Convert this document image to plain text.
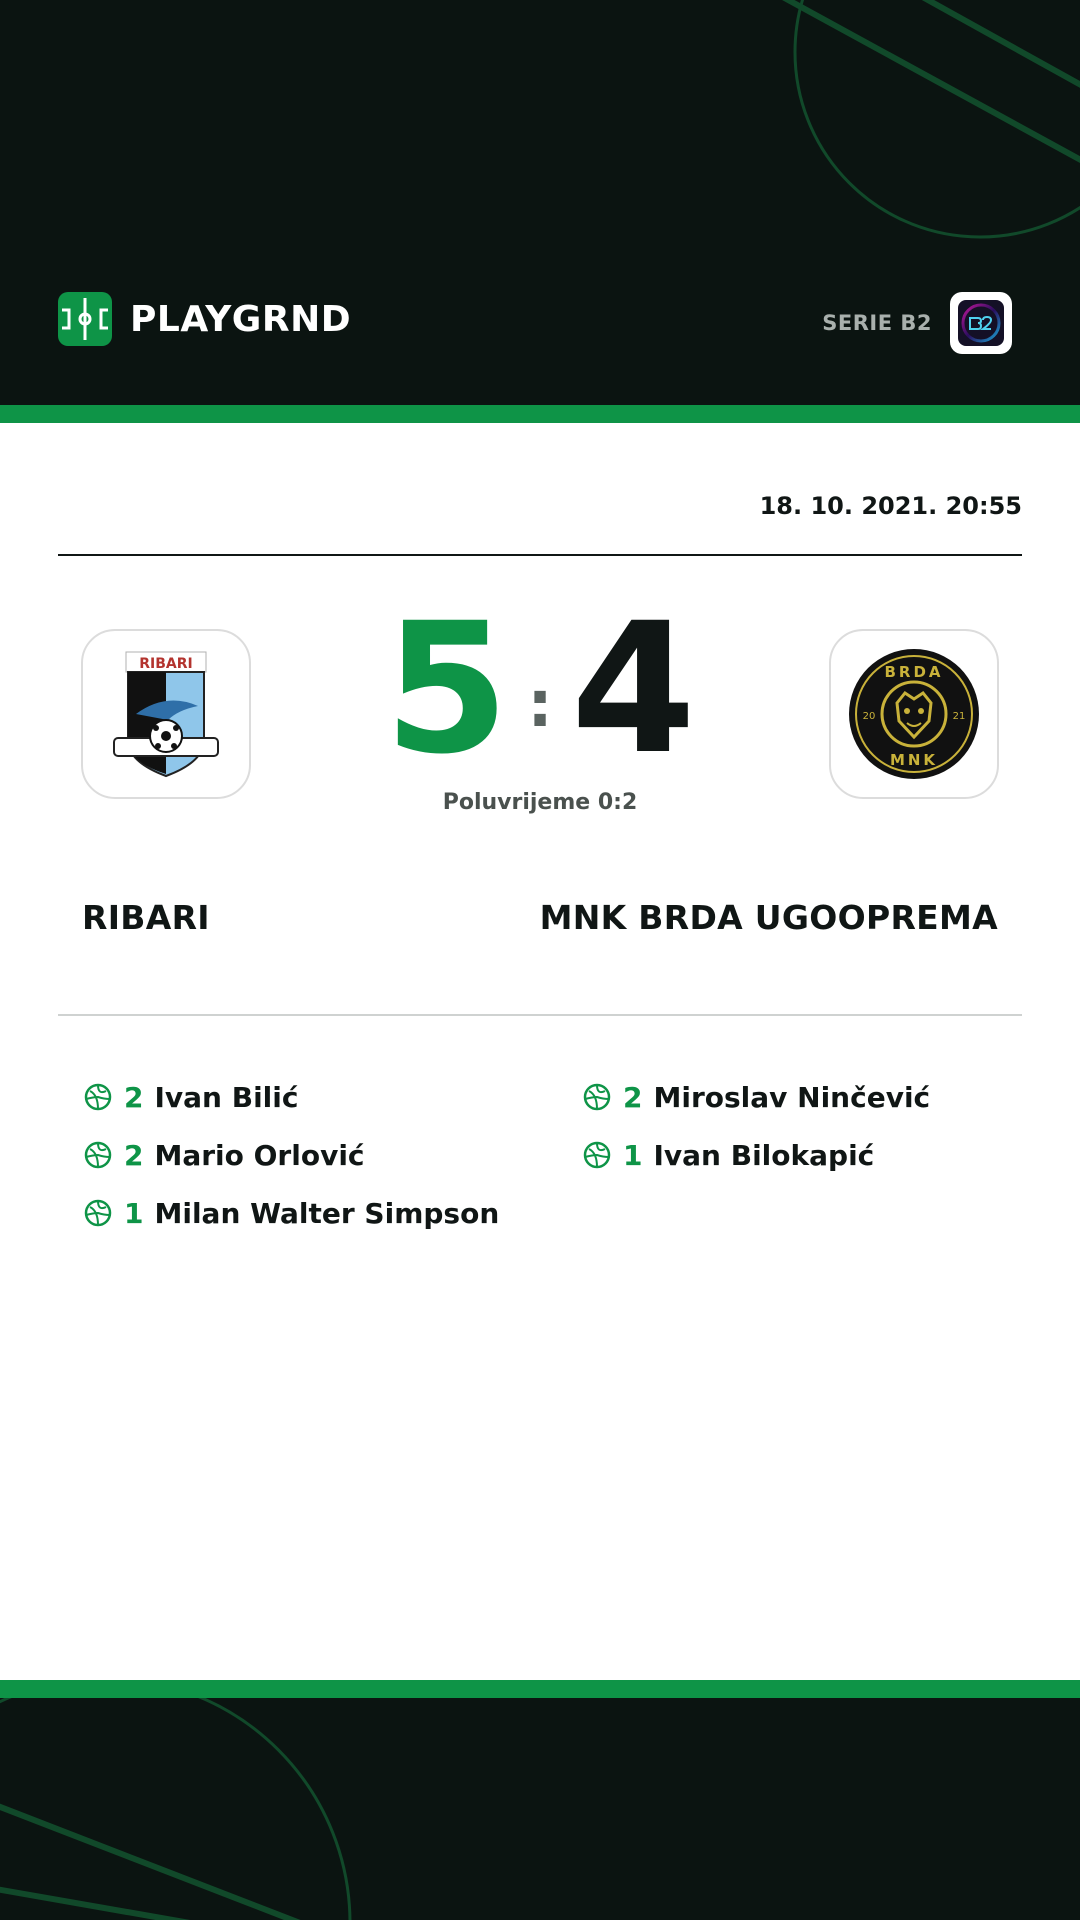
PLAYGRND	SERIE B2
18. 10. 2021. 20:55
RIBARI 5 : 4
Poluvrijeme 0:2
BRDA
MNK
20	21
RIBARI	MNK BRDA UGOOPREMA
2 Ivan Bilić
2 Mario Orlović
1 Milan Walter Simpson
2 Miroslav Ninčević
1 Ivan Bilokapić
